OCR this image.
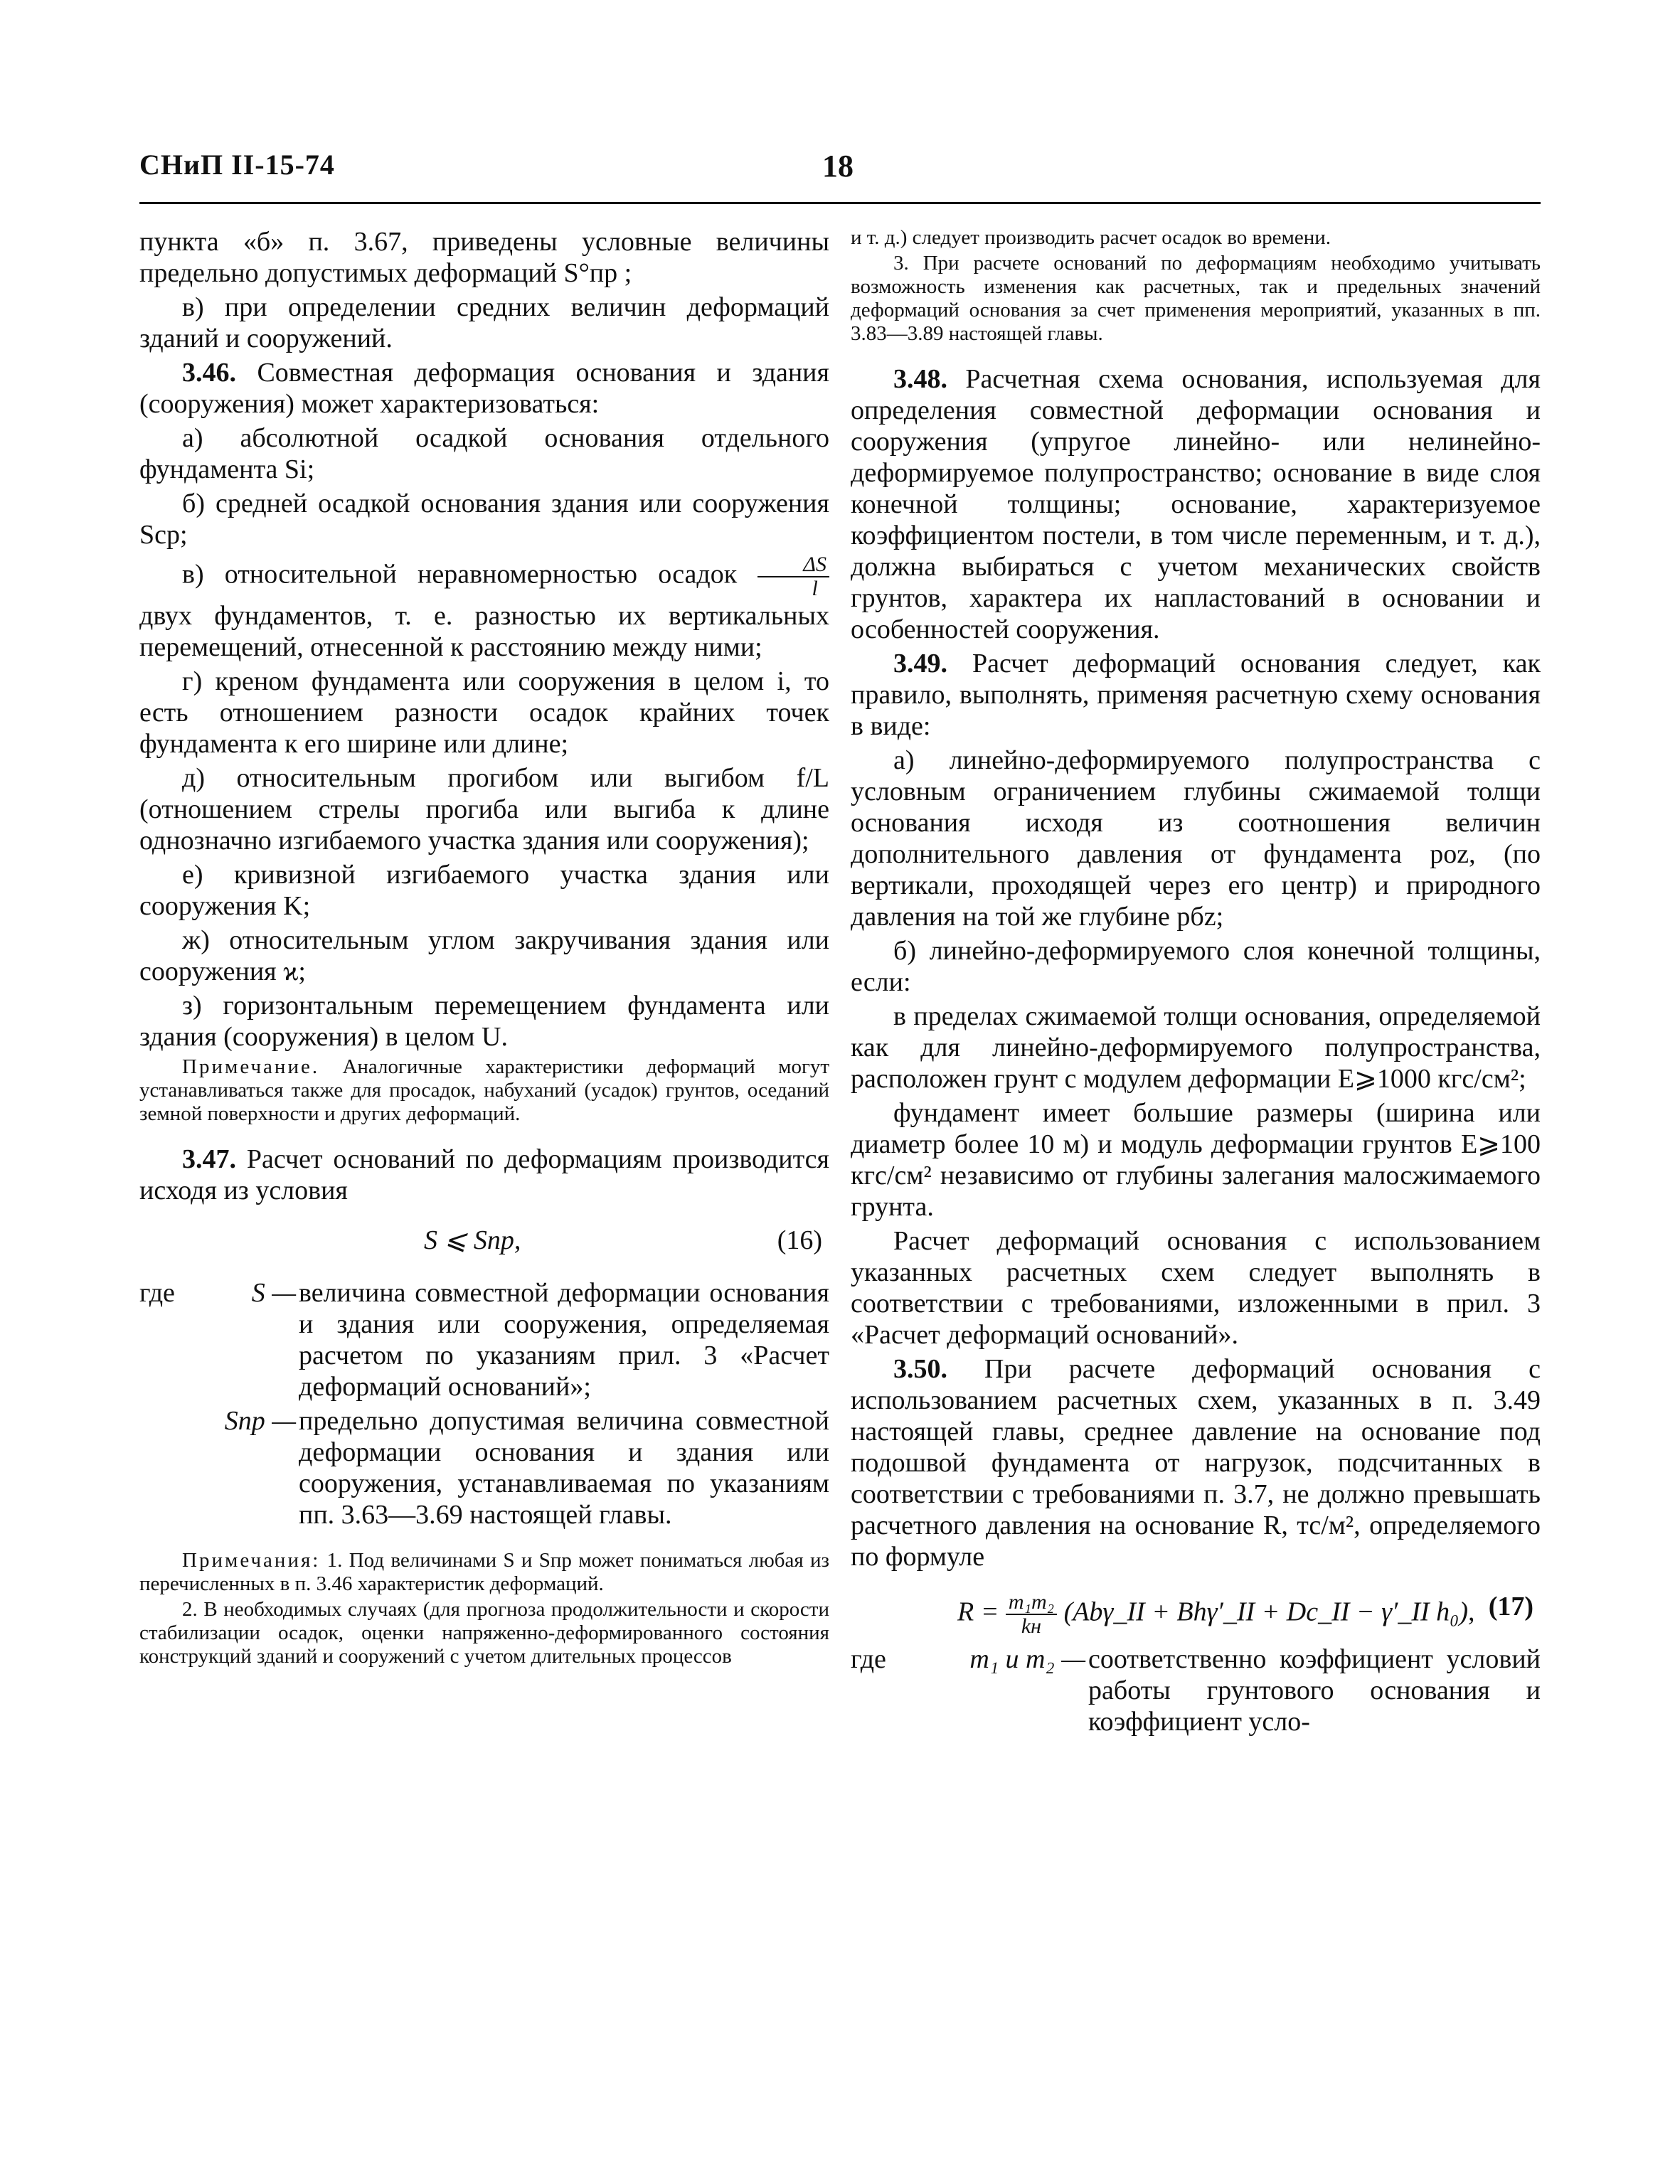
СНиП II-15-74	18

пункта «б» п. 3.67, приведены условные величины предельно допустимых деформаций S°пр ;

в) при определении средних величин деформаций зданий и сооружений.

3.46. Совместная деформация основания и здания (сооружения) может характеризоваться:

а) абсолютной осадкой основания отдельного фундамента Si;

б) средней осадкой основания здания или сооружения Sср;

в) относительной неравномерностью осадок $\frac{\Delta S}{l}$
двух фундаментов, т. е. разностью их вертикальных перемещений, отнесенной к расстоянию между ними;

г) креном фундамента или сооружения в целом i, то есть отношением разности осадок крайних точек фундамента к его ширине или длине;

д) относительным прогибом или выгибом f/L (отношением стрелы прогиба или выгиба к длине однозначно изгибаемого участка здания или сооружения);

е) кривизной изгибаемого участка здания или сооружения K;

ж) относительным углом закручивания здания или сооружения ϰ;

з) горизонтальным перемещением фундамента или здания (сооружения) в целом U.

Примечание. Аналогичные характеристики деформаций могут устанавливаться также для просадок, набуханий (усадок) грунтов, оседаний земной поверхности и других деформаций.

3.47. Расчет оснований по деформациям производится исходя из условия

S ⩽ Sпр,	(16)
где	S — величина совместной деформации основания и здания или сооружения, определяемая расчетом по указаниям прил. 3 «Расчет деформаций оснований»;
Sпр — предельно допустимая величина совместной деформации основания и здания или сооружения, устанавливаемая по указаниям пп. 3.63—3.69 настоящей главы.

Примечания: 1. Под величинами S и Sпр может пониматься любая из перечисленных в п. 3.46 характеристик деформаций.

2. В необходимых случаях (для прогноза продолжительности и скорости стабилизации осадок, оценки напряженно-деформированного состояния конструкций зданий и сооружений с учетом длительных процессов

и т. д.) следует производить расчет осадок во времени.

3. При расчете оснований по деформациям необходимо учитывать возможность изменения как расчетных, так и предельных значений деформаций основания за счет применения мероприятий, указанных в пп. 3.83—3.89 настоящей главы.

3.48. Расчетная схема основания, используемая для определения совместной деформации основания и сооружения (упругое линейно- или нелинейно-деформируемое полупространство; основание в виде слоя конечной толщины; основание, характеризуемое коэффициентом постели, в том числе переменным, и т. д.), должна выбираться с учетом механических свойств грунтов, характера их напластований в основании и особенностей сооружения.

3.49. Расчет деформаций основания следует, как правило, выполнять, применяя расчетную схему основания в виде:

а) линейно-деформируемого полупространства с условным ограничением глубины сжимаемой толщи основания исходя из соотношения величин дополнительного давления от фундамента pоz, (по вертикали, проходящей через его центр) и природного давления на той же глубине pбz;

б) линейно-деформируемого слоя конечной толщины, если:

в пределах сжимаемой толщи основания, определяемой как для линейно-деформируемого полупространства, расположен грунт с модулем деформации E⩾1000 кгс/см²;

фундамент имеет большие размеры (ширина или диаметр более 10 м) и модуль деформации грунтов E⩾100 кгс/см² независимо от глубины залегания малосжимаемого грунта.

Расчет деформаций основания с использованием указанных расчетных схем следует выполнять в соответствии с требованиями, изложенными в прил. 3 «Расчет деформаций оснований».

3.50. При расчете деформаций основания с использованием расчетных схем, указанных в п. 3.49 настоящей главы, среднее давление на основание под подошвой фундамента от нагрузок, подсчитанных в соответствии с требованиями п. 3.7, не должно превышать расчетного давления на основание R, тс/м², определяемого по формуле

$R = \frac{\text{m₁m₂}}{kн}$ (Abγ_II + Bhγ′_II + Dc_II − γ′_II h₀), (17)
где	m₁ и m₂ — соответственно коэффициент условий работы грунтового основания и коэффициент усло-
